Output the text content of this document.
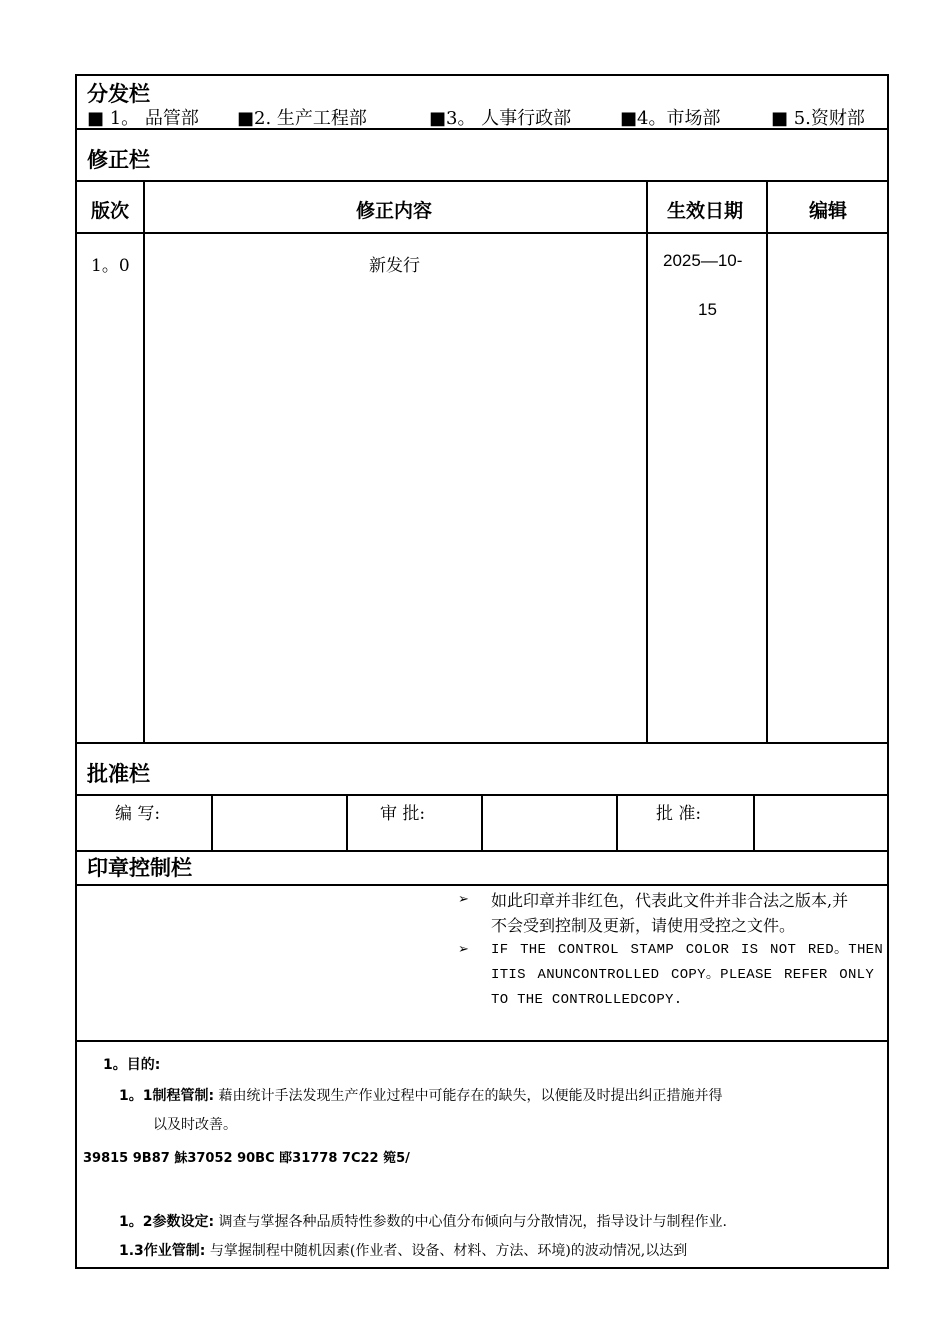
分发栏
■ 1。 品管部 ■2. 生产工程部	■3。 人事行政部	■4。市场部	■ 5.资财部
修正栏
版次	修正内容	生效日期	编辑
1。0	新发行	2025—10-
15
批准栏
编 写:	审 批:	批 准:
印章控制栏
➢ 如此印章并非红色，代表此文件并非合法之版本,并
不会受到控制及更新，请使用受控之文件。
➢ IF THE CONTROL STAMP COLOR IS NOT RED。THEN
ITIS ANUNCONTROLLED COPY。PLEASE REFER ONLY
TO THE CONTROLLEDCOPY.
1。目的:
1。1制程管制: 藉由统计手法发现生产作业过程中可能存在的缺失，以便能及时提出纠正措施并得
以及时改善。
39815 9B87 鮇37052 90BC 邼31778 7C22 箢5/
1。2参数设定: 调查与掌握各种品质特性参数的中心值分布倾向与分散情况，指导设计与制程作业.
1.3作业管制: 与掌握制程中随机因素(作业者、设备、材料、方法、环境)的波动情况,以达到
